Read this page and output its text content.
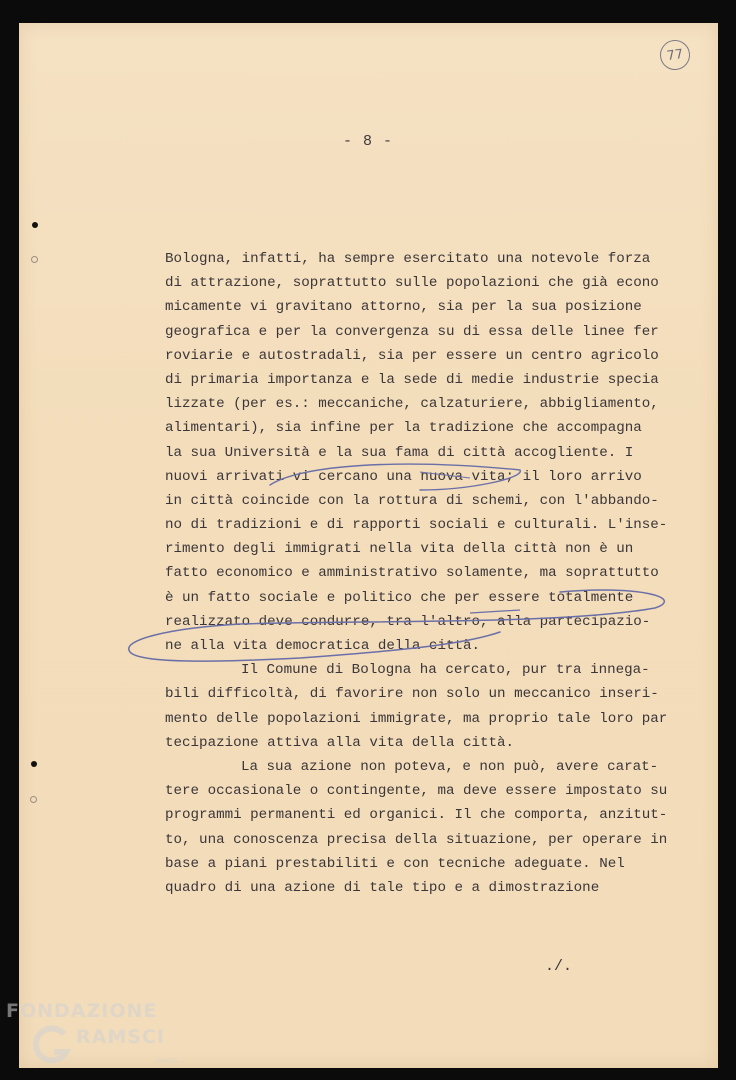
77
- 8 -
Bologna, infatti, ha sempre esercitato una notevole forza
di attrazione, soprattutto sulle popolazioni che già econo
micamente vi gravitano attorno, sia per la sua posizione
geografica e per la convergenza su di essa delle linee fer
roviarie e autostradali, sia per essere un centro agricolo
di primaria importanza e la sede di medie industrie specia
lizzate (per es.: meccaniche, calzaturiere, abbigliamento,
alimentari), sia infine per la tradizione che accompagna
la sua Università e la sua fama di città accogliente. I
nuovi arrivati vi cercano una nuova vita; il loro arrivo
in città coincide con la rottura di schemi, con l'abbando-
no di tradizioni e di rapporti sociali e culturali. L'inse-
rimento degli immigrati nella vita della città non è un
fatto economico e amministrativo solamente, ma soprattutto
è un fatto sociale e politico che per essere totalmente
realizzato deve condurre, tra l'altro, alla partecipazio-
ne alla vita democratica della città.
Il Comune di Bologna ha cercato, pur tra innega-
bili difficoltà, di favorire non solo un meccanico inseri-
mento delle popolazioni immigrate, ma proprio tale loro par
tecipazione attiva alla vita della città.
La sua azione non poteva, e non può, avere carat-
tere occasionale o contingente, ma deve essere impostato su
programmi permanenti ed organici. Il che comporta, anzitut-
to, una conoscenza precisa della situazione, per operare in
base a piani prestabiliti e con tecniche adeguate. Nel
quadro di una azione di tale tipo e a dimostrazione
./.
FONDAZIONE
RAMSCI
onlus
